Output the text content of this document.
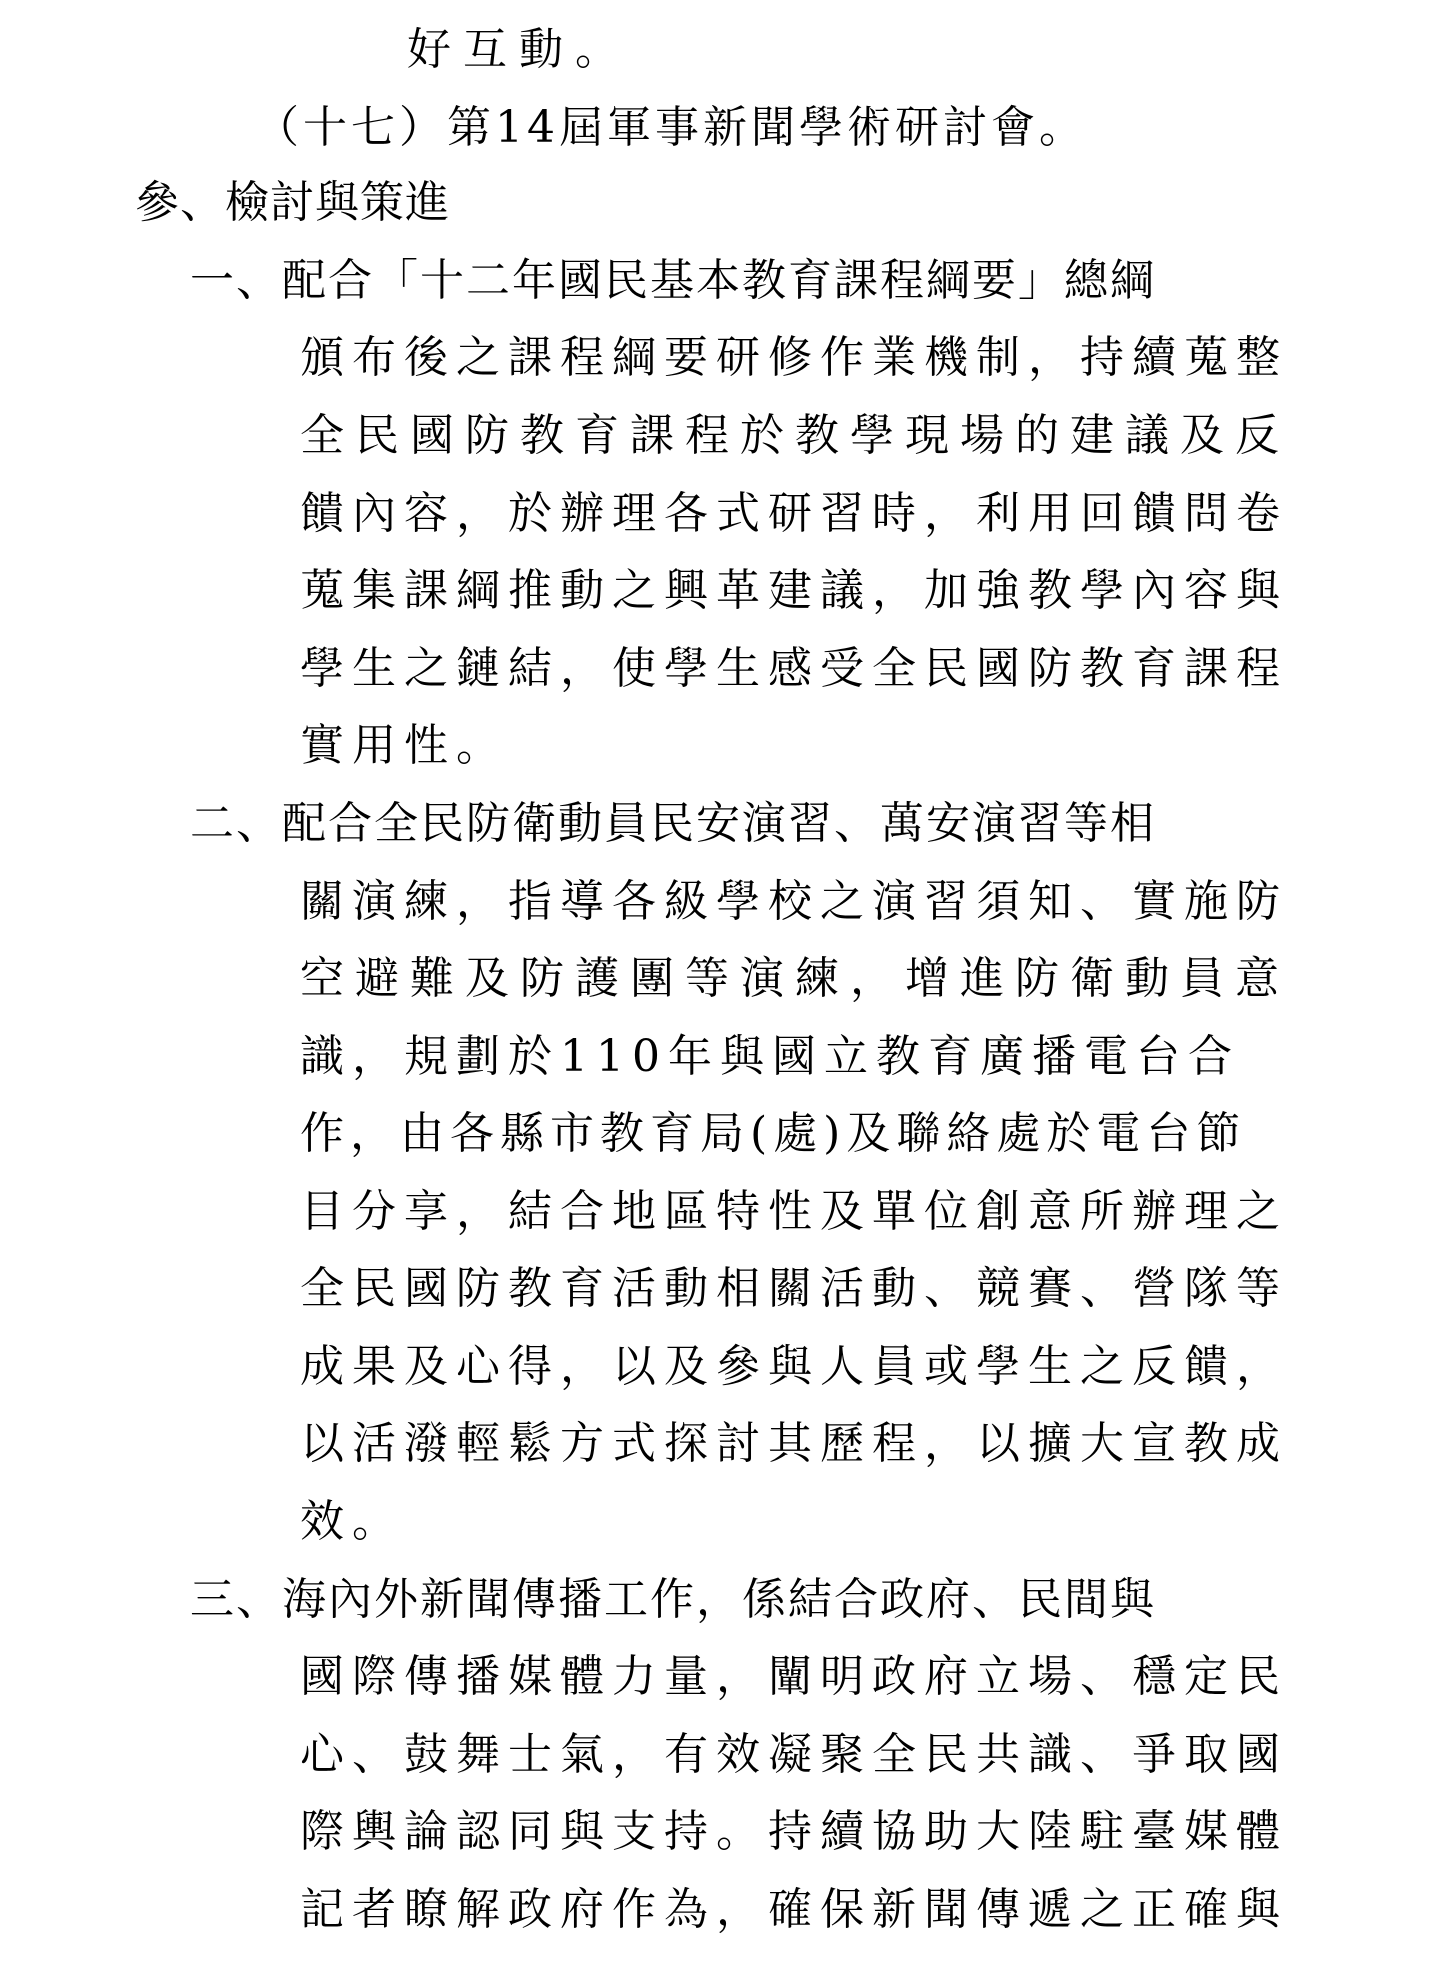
好互動。
（十七）第14屆軍事新聞學術研討會。
參、檢討與策進
一、配合「十二年國民基本教育課程綱要」總綱
頒布後之課程綱要研修作業機制，持續蒐整
全民國防教育課程於教學現場的建議及反
饋內容，於辦理各式研習時，利用回饋問卷
蒐集課綱推動之興革建議，加強教學內容與
學生之鏈結，使學生感受全民國防教育課程
實用性。
二、配合全民防衛動員民安演習、萬安演習等相
關演練，指導各級學校之演習須知、實施防
空避難及防護團等演練，增進防衛動員意
識，規劃於110年與國立教育廣播電台合
作，由各縣市教育局(處)及聯絡處於電台節
目分享，結合地區特性及單位創意所辦理之
全民國防教育活動相關活動、競賽、營隊等
成果及心得，以及參與人員或學生之反饋，
以活潑輕鬆方式探討其歷程，以擴大宣教成
效。
三、海內外新聞傳播工作，係結合政府、民間與
國際傳播媒體力量，闡明政府立場、穩定民
心、鼓舞士氣，有效凝聚全民共識、爭取國
際輿論認同與支持。持續協助大陸駐臺媒體
記者瞭解政府作為，確保新聞傳遞之正確與
